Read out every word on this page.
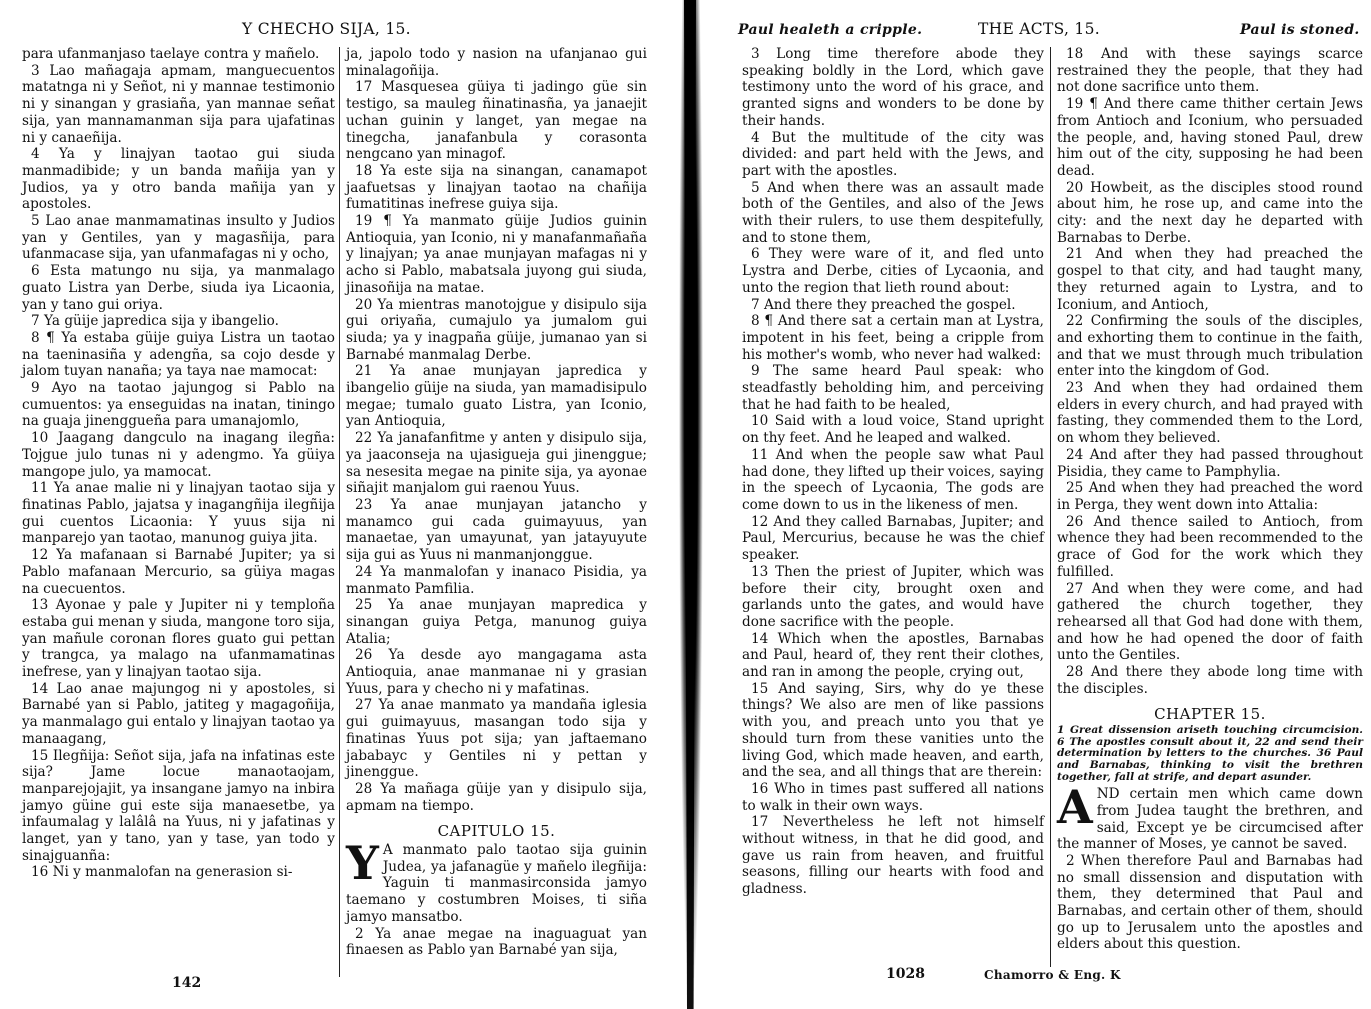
Y CHECHO SIJA, 15.

para ufanmanjaso taelaye contra y mañelo.

3 Lao mañagaja apmam, manguecuentos matatnga ni y Señot, ni y mannae testimonio ni y sinangan y grasiaña, yan mannae señat sija, yan mannamanman sija para ujafatinas ni y canaeñija.

4 Ya y linajyan taotao gui siuda manmadibide; y un banda mañija yan y Judios, ya y otro banda mañija yan y apostoles.

5 Lao anae manmamatinas insulto y Judios yan y Gentiles, yan y magasñija, para ufanmacase sija, yan ufanmafagas ni y ocho,

6 Esta matungo nu sija, ya manmalago guato Listra yan Derbe, siuda iya Licaonia, yan y tano gui oriya.

7 Ya güije japredica sija y ibangelio.

8 ¶ Ya estaba güije guiya Listra un taotao na taeninasiña y adengña, sa cojo desde y jalom tuyan nanaña; ya taya nae mamocat:

9 Ayo na taotao jajungog si Pablo na cumuentos: ya enseguidas na inatan, tiningo na guaja jinenggueña para umanajomlo,

10 Jaagang dangculo na inagang ilegña: Tojgue julo tunas ni y adengmo. Ya güiya mangope julo, ya mamocat.

11 Ya anae malie ni y linajyan taotao sija y finatinas Pablo, jajatsa y inagangñija ilegñija gui cuentos Licaonia: Y yuus sija ni manparejo yan taotao, manunog guiya jita.

12 Ya mafanaan si Barnabé Jupiter; ya si Pablo mafanaan Mercurio, sa güiya magas na cuecuentos.

13 Ayonae y pale y Jupiter ni y temploña estaba gui menan y siuda, mangone toro sija, yan mañule coronan flores guato gui pettan y trangca, ya malago na ufanmamatinas inefrese, yan y linajyan taotao sija.

14 Lao anae majungog ni y apostoles, si Barnabé yan si Pablo, jatiteg y magagoñija, ya manmalago gui entalo y linajyan taotao ya manaagang,

15 Ilegñija: Señot sija, jafa na infatinas este sija? Jame locue manaotaojam, manparejojajit, ya insangane jamyo na inbira jamyo güine gui este sija manaesetbe, ya infaumalag y lalâlâ na Yuus, ni y jafatinas y langet, yan y tano, yan y tase, yan todo y sinajguanña:

16 Ni y manmalofan na generasion si-

ja, japolo todo y nasion na ufanjanao gui minalagoñija.

17 Masquesea güiya ti jadingo güe sin testigo, sa mauleg ñinatinasña, ya janaejit uchan guinin y langet, yan megae na tinegcha, janafanbula y corasonta nengcano yan minagof.

18 Ya este sija na sinangan, canamapot jaafuetsas y linajyan taotao na chañija fumatitinas inefrese guiya sija.

19 ¶ Ya manmato güije Judios guinin Antioquia, yan Iconio, ni y manafanmañaña y linajyan; ya anae munjayan mafagas ni y acho si Pablo, mabatsala juyong gui siuda, jinasoñija na matae.

20 Ya mientras manotojgue y disipulo sija gui oriyaña, cumajulo ya jumalom gui siuda; ya y inagpaña güije, jumanao yan si Barnabé manmalag Derbe.

21 Ya anae munjayan japredica y ibangelio güije na siuda, yan mamadisipulo megae; tumalo guato Listra, yan Iconio, yan Antioquia,

22 Ya janafanfitme y anten y disipulo sija, ya jaaconseja na ujasigueja gui jinenggue; sa nesesita megae na pinite sija, ya ayonae siñajit manjalom gui raenou Yuus.

23 Ya anae munjayan jatancho y manamco gui cada guimayuus, yan manaetae, yan umayunat, yan jatayuyute sija gui as Yuus ni manmanjonggue.

24 Ya manmalofan y inanaco Pisidia, ya manmato Pamfilia.

25 Ya anae munjayan mapredica y sinangan guiya Petga, manunog guiya Atalia;

26 Ya desde ayo mangagama asta Antioquia, anae manmanae ni y grasian Yuus, para y checho ni y mafatinas.

27 Ya anae manmato ya mandaña iglesia gui guimayuus, masangan todo sija y finatinas Yuus pot sija; yan jaftaemano jababayc y Gentiles ni y pettan y jinenggue.

28 Ya mañaga güije yan y disipulo sija, apmam na tiempo.

CAPITULO 15.

Y A manmato palo taotao sija guinin Judea, ya jafanagüe y mañelo ilegñija: Yaguin ti manmasirconsida jamyo taemano y costumbren Moises, ti siña jamyo mansatbo.

2 Ya anae megae na inaguaguat yan finaesen as Pablo yan Barnabé yan sija,

142
Paul healeth a cripple.	THE ACTS, 15.	Paul is stoned.

3 Long time therefore abode they speaking boldly in the Lord, which gave testimony unto the word of his grace, and granted signs and wonders to be done by their hands.

4 But the multitude of the city was divided: and part held with the Jews, and part with the apostles.

5 And when there was an assault made both of the Gentiles, and also of the Jews with their rulers, to use them despitefully, and to stone them,

6 They were ware of it, and fled unto Lystra and Derbe, cities of Lycaonia, and unto the region that lieth round about:

7 And there they preached the gospel.

8 ¶ And there sat a certain man at Lystra, impotent in his feet, being a cripple from his mother's womb, who never had walked:

9 The same heard Paul speak: who steadfastly beholding him, and perceiving that he had faith to be healed,

10 Said with a loud voice, Stand upright on thy feet. And he leaped and walked.

11 And when the people saw what Paul had done, they lifted up their voices, saying in the speech of Lycaonia, The gods are come down to us in the likeness of men.

12 And they called Barnabas, Jupiter; and Paul, Mercurius, because he was the chief speaker.

13 Then the priest of Jupiter, which was before their city, brought oxen and garlands unto the gates, and would have done sacrifice with the people.

14 Which when the apostles, Barnabas and Paul, heard of, they rent their clothes, and ran in among the people, crying out,

15 And saying, Sirs, why do ye these things? We also are men of like passions with you, and preach unto you that ye should turn from these vanities unto the living God, which made heaven, and earth, and the sea, and all things that are therein:

16 Who in times past suffered all nations to walk in their own ways.

17 Nevertheless he left not himself without witness, in that he did good, and gave us rain from heaven, and fruitful seasons, filling our hearts with food and gladness.

18 And with these sayings scarce restrained they the people, that they had not done sacrifice unto them.

19 ¶ And there came thither certain Jews from Antioch and Iconium, who persuaded the people, and, having stoned Paul, drew him out of the city, supposing he had been dead.

20 Howbeit, as the disciples stood round about him, he rose up, and came into the city: and the next day he departed with Barnabas to Derbe.

21 And when they had preached the gospel to that city, and had taught many, they returned again to Lystra, and to Iconium, and Antioch,

22 Confirming the souls of the disciples, and exhorting them to continue in the faith, and that we must through much tribulation enter into the kingdom of God.

23 And when they had ordained them elders in every church, and had prayed with fasting, they commended them to the Lord, on whom they believed.

24 And after they had passed throughout Pisidia, they came to Pamphylia.

25 And when they had preached the word in Perga, they went down into Attalia:

26 And thence sailed to Antioch, from whence they had been recommended to the grace of God for the work which they fulfilled.

27 And when they were come, and had gathered the church together, they rehearsed all that God had done with them, and how he had opened the door of faith unto the Gentiles.

28 And there they abode long time with the disciples.

CHAPTER 15.
1 Great dissension ariseth touching circumcision. 6 The apostles consult about it, 22 and send their determination by letters to the churches. 36 Paul and Barnabas, thinking to visit the brethren together, fall at strife, and depart asunder.

AND certain men which came down from Judea taught the brethren, and said, Except ye be circumcised after the manner of Moses, ye cannot be saved.

2 When therefore Paul and Barnabas had no small dissension and disputation with them, they determined that Paul and Barnabas, and certain other of them, should go up to Jerusalem unto the apostles and elders about this question.

1028	Chamorro & Eng. K
